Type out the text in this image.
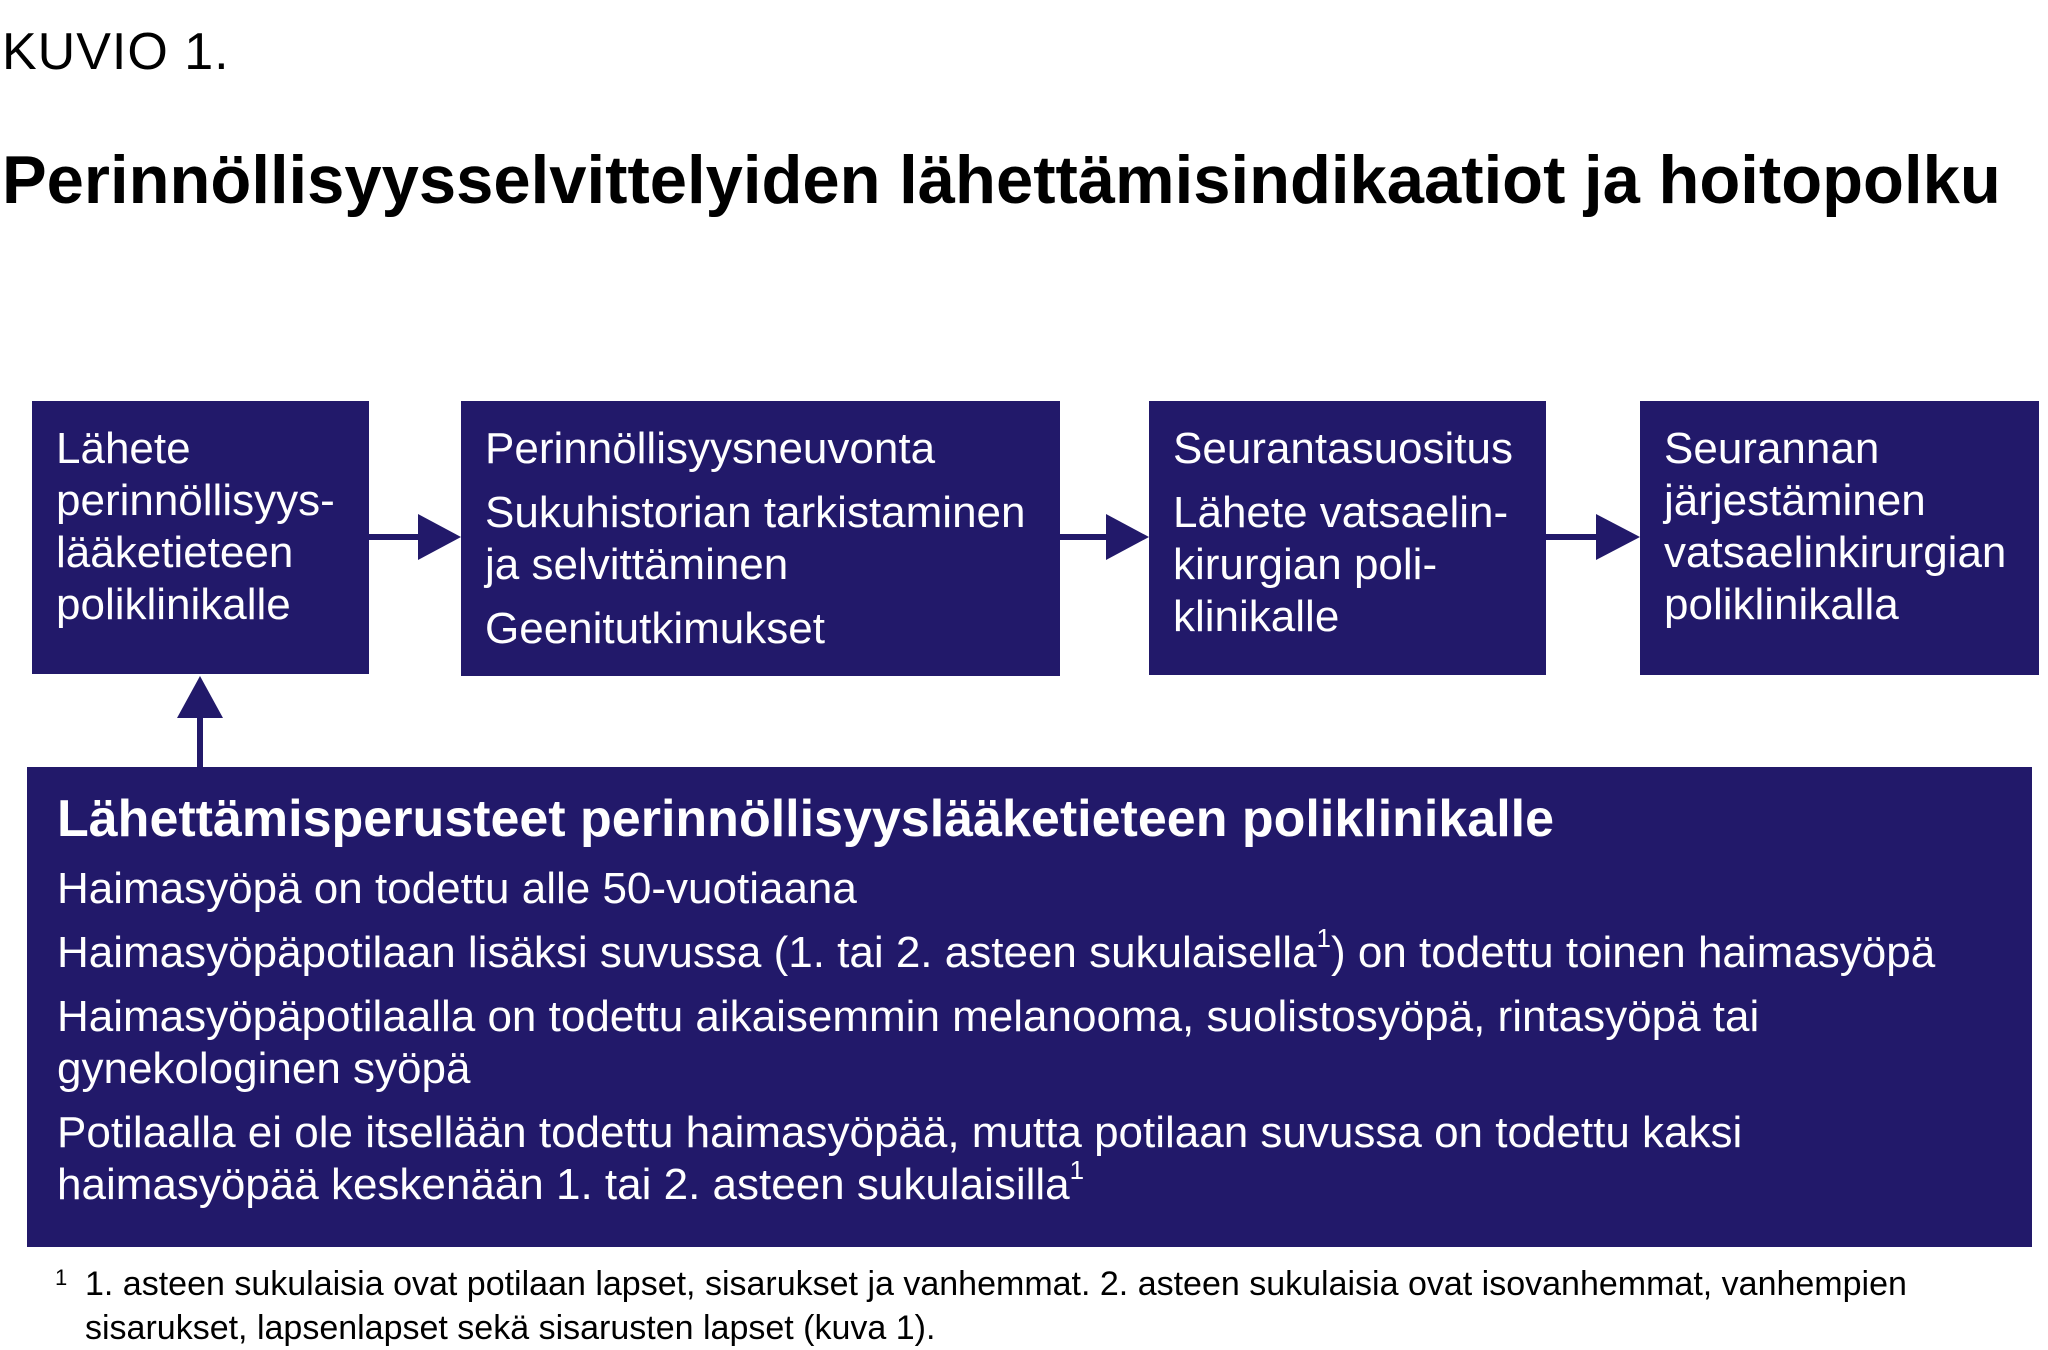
KUVIO 1.
Perinnöllisyysselvittelyiden lähettämisindikaatiot ja hoitopolku

Lähete

perinnöllisyys-

lääketieteen

poliklinikalle

Perinnöllisyysneuvonta

Sukuhistorian tarkistaminen

ja selvittäminen

Geenitutkimukset

Seurantasuositus

Lähete vatsaelin-

kirurgian poli-

klinikalle

Seurannan

järjestäminen

vatsaelinkirurgian

poliklinikalla

Lähettämisperusteet perinnöllisyyslääketieteen poliklinikalle

Haimasyöpä on todettu alle 50-vuotiaana

Haimasyöpäpotilaan lisäksi suvussa (1. tai 2. asteen sukulaisella$^1$) on todettu toinen haimasyöpä

Haimasyöpäpotilaalla on todettu aikaisemmin melanooma, suolistosyöpä, rintasyöpä tai
gynekologinen syöpä

Potilaalla ei ole itsellään todettu haimasyöpää, mutta potilaan suvussa on todettu kaksi
haimasyöpää keskenään 1. tai 2. asteen sukulaisilla$^1$

1 1. asteen sukulaisia ovat potilaan lapset, sisarukset ja vanhemmat. 2. asteen sukulaisia ovat isovanhemmat, vanhempien
sisarukset, lapsenlapset sekä sisarusten lapset (kuva 1).
